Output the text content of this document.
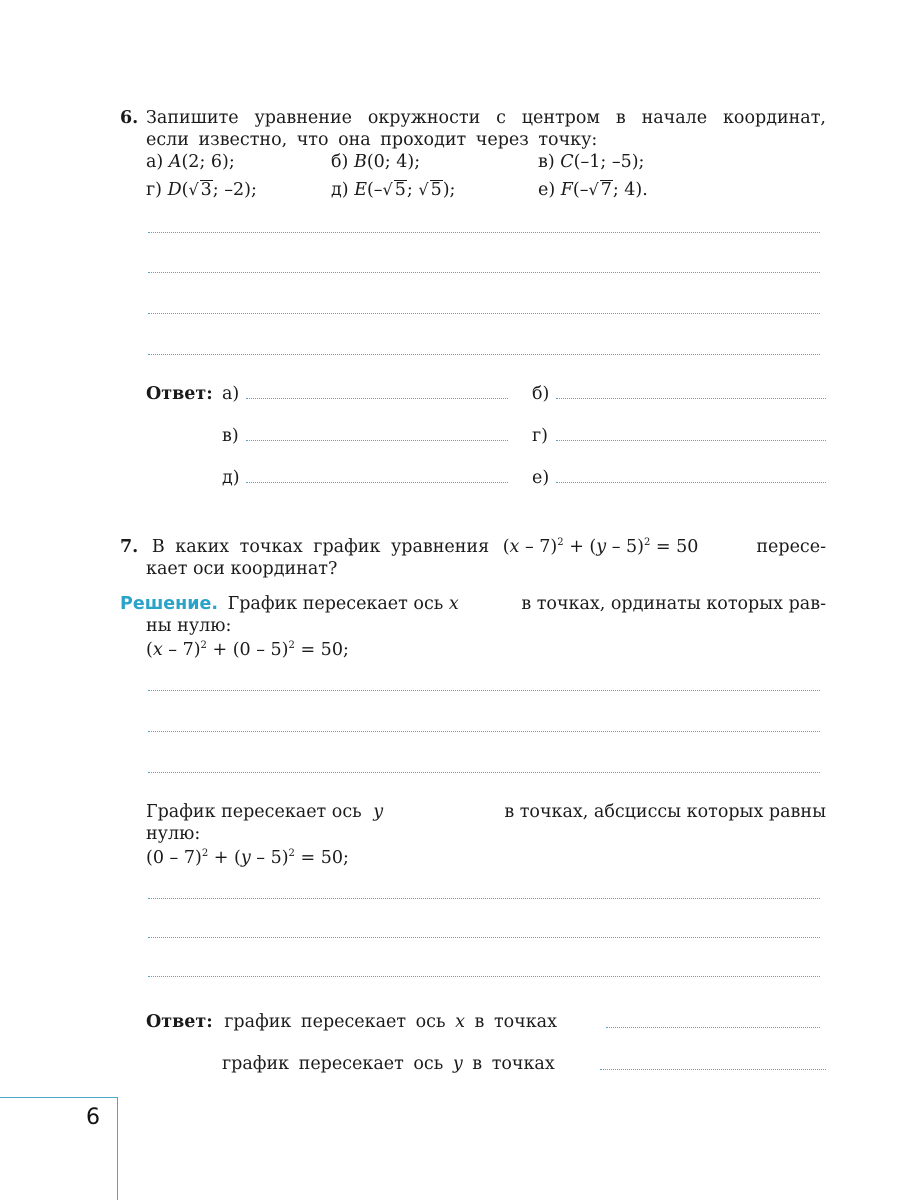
6. Запишите уравнение окружности с центром в начале координат,
если известно, что она проходит через точку:
а) A(2; 6);	б) B(0; 4);	в) C(–1; –5);
г) D(√ 3; –2);	д) E(–√ 5; √ 5);	е) F(–√ 7; 4).
Ответ: а)	б)
в)	г)
д)	е)
7. В каких точках график уравнения (x – 7)$^2$ + (y – 5)$^2$ = 50	пересе-
кает оси координат?
Решение. График пересекает ось x	в точках, ординаты которых рав-
ны нулю:
(x – 7)$^2$ + (0 – 5)$^2$ = 50;
График пересекает ось y	в точках, абсциссы которых равны
нулю:
(0 – 7)$^2$ + (y – 5)$^2$ = 50;
Ответ: график пересекает ось x в точках
график пересекает ось y в точках
6
